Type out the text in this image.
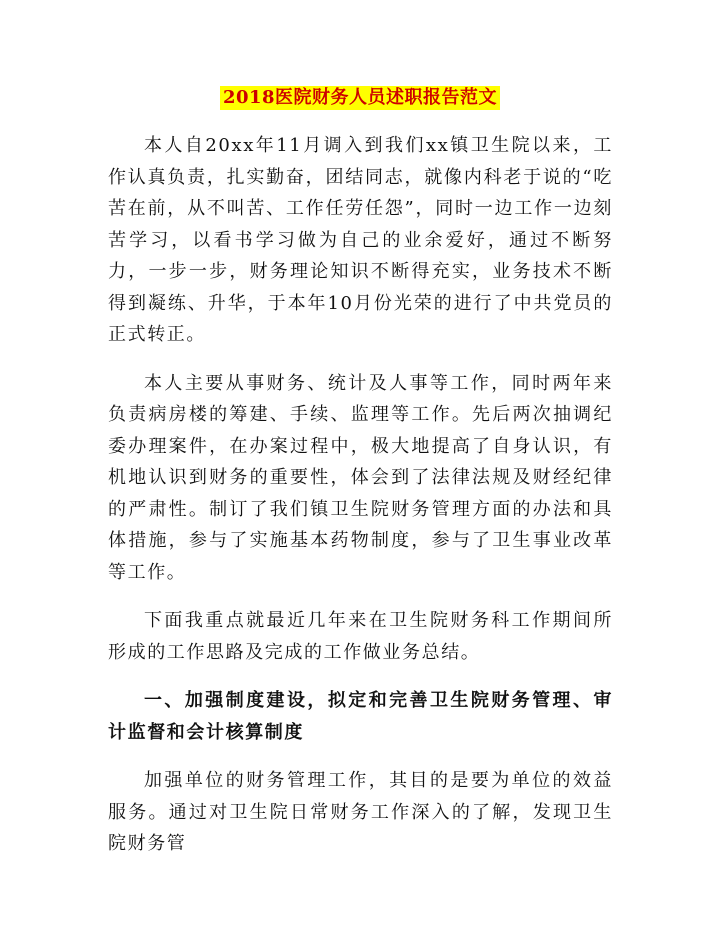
2018医院财务人员述职报告范文

本人自20xx年11月调入到我们xx镇卫生院以来，工作认真负责，扎实勤奋，团结同志，就像内科老于说的“吃苦在前，从不叫苦、工作任劳任怨”，同时一边工作一边刻苦学习，以看书学习做为自己的业余爱好，通过不断努力，一步一步，财务理论知识不断得充实，业务技术不断得到凝练、升华，于本年10月份光荣的进行了中共党员的正式转正。

本人主要从事财务、统计及人事等工作，同时两年来负责病房楼的筹建、手续、监理等工作。先后两次抽调纪委办理案件，在办案过程中，极大地提高了自身认识，有机地认识到财务的重要性，体会到了法律法规及财经纪律的严肃性。制订了我们镇卫生院财务管理方面的办法和具体措施，参与了实施基本药物制度，参与了卫生事业改革等工作。

下面我重点就最近几年来在卫生院财务科工作期间所形成的工作思路及完成的工作做业务总结。

一、加强制度建设，拟定和完善卫生院财务管理、审计监督和会计核算制度

加强单位的财务管理工作，其目的是要为单位的效益服务。通过对卫生院日常财务工作深入的了解，发现卫生院财务管
